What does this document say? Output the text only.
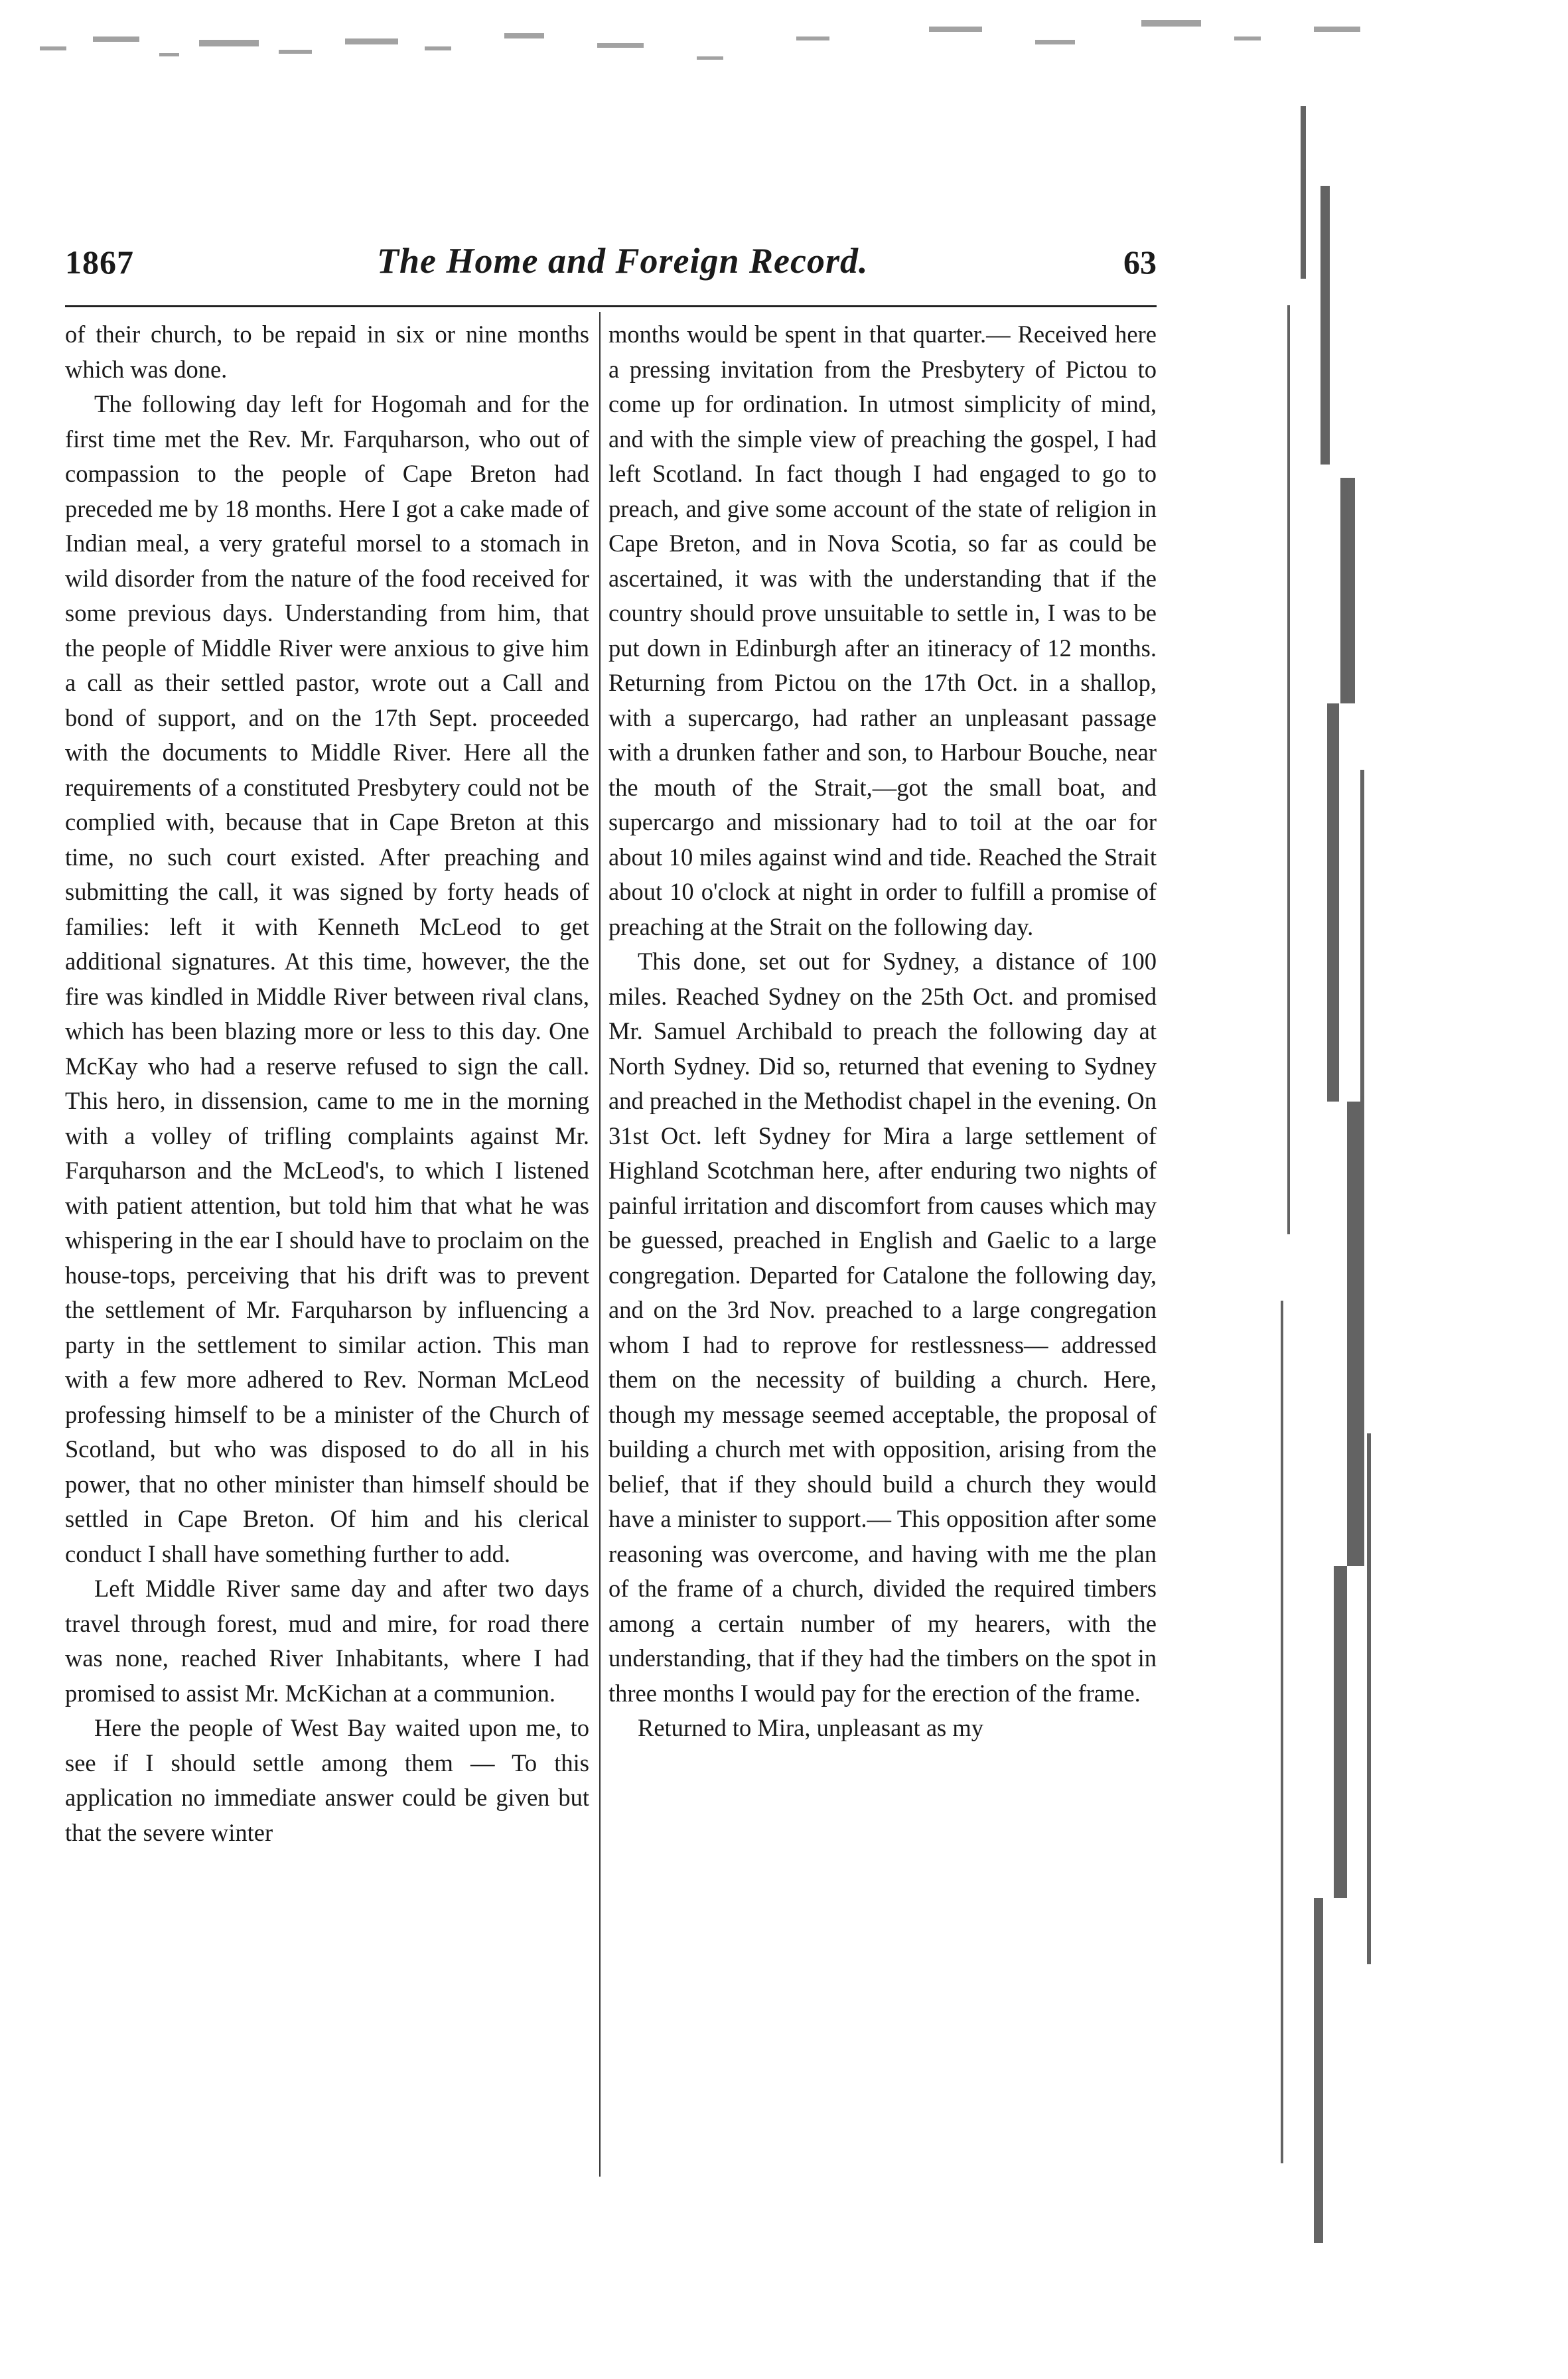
1867	The Home and Foreign Record.	63

of their church, to be repaid in six or nine months which was done.

The following day left for Hogomah and for the first time met the Rev. Mr. Farquharson, who out of compassion to the people of Cape Breton had preceded me by 18 months. Here I got a cake made of Indian meal, a very grateful morsel to a stomach in wild disorder from the nature of the food received for some previous days. Understanding from him, that the people of Middle River were anxious to give him a call as their settled pastor, wrote out a Call and bond of support, and on the 17th Sept. proceeded with the documents to Middle River. Here all the requirements of a constituted Presbytery could not be complied with, because that in Cape Breton at this time, no such court existed. After preaching and submitting the call, it was signed by forty heads of families: left it with Kenneth McLeod to get additional signatures. At this time, however, the the fire was kindled in Middle River between rival clans, which has been blazing more or less to this day. One McKay who had a reserve refused to sign the call. This hero, in dissension, came to me in the morning with a volley of trifling complaints against Mr. Farquharson and the McLeod's, to which I listened with patient attention, but told him that what he was whispering in the ear I should have to proclaim on the house-tops, perceiving that his drift was to prevent the settlement of Mr. Farquharson by influencing a party in the settlement to similar action. This man with a few more adhered to Rev. Norman McLeod professing himself to be a minister of the Church of Scotland, but who was disposed to do all in his power, that no other minister than himself should be settled in Cape Breton. Of him and his clerical conduct I shall have something further to add.

Left Middle River same day and after two days travel through forest, mud and mire, for road there was none, reached River Inhabitants, where I had promised to assist Mr. McKichan at a communion.

Here the people of West Bay waited upon me, to see if I should settle among them — To this application no immediate answer could be given but that the severe winter

months would be spent in that quarter.— Received here a pressing invitation from the Presbytery of Pictou to come up for ordination. In utmost simplicity of mind, and with the simple view of preaching the gospel, I had left Scotland. In fact though I had engaged to go to preach, and give some account of the state of religion in Cape Breton, and in Nova Scotia, so far as could be ascertained, it was with the understanding that if the country should prove unsuitable to settle in, I was to be put down in Edinburgh after an itineracy of 12 months. Returning from Pictou on the 17th Oct. in a shallop, with a supercargo, had rather an unpleasant passage with a drunken father and son, to Harbour Bouche, near the mouth of the Strait,—got the small boat, and supercargo and missionary had to toil at the oar for about 10 miles against wind and tide. Reached the Strait about 10 o'clock at night in order to fulfill a promise of preaching at the Strait on the following day.

This done, set out for Sydney, a distance of 100 miles. Reached Sydney on the 25th Oct. and promised Mr. Samuel Archibald to preach the following day at North Sydney. Did so, returned that evening to Sydney and preached in the Methodist chapel in the evening. On 31st Oct. left Sydney for Mira a large settlement of Highland Scotchman here, after enduring two nights of painful irritation and discomfort from causes which may be guessed, preached in English and Gaelic to a large congregation. Departed for Catalone the following day, and on the 3rd Nov. preached to a large congregation whom I had to reprove for restlessness— addressed them on the necessity of building a church. Here, though my message seemed acceptable, the proposal of building a church met with opposition, arising from the belief, that if they should build a church they would have a minister to support.— This opposition after some reasoning was overcome, and having with me the plan of the frame of a church, divided the required timbers among a certain number of my hearers, with the understanding, that if they had the timbers on the spot in three months I would pay for the erection of the frame.

Returned to Mira, unpleasant as my
